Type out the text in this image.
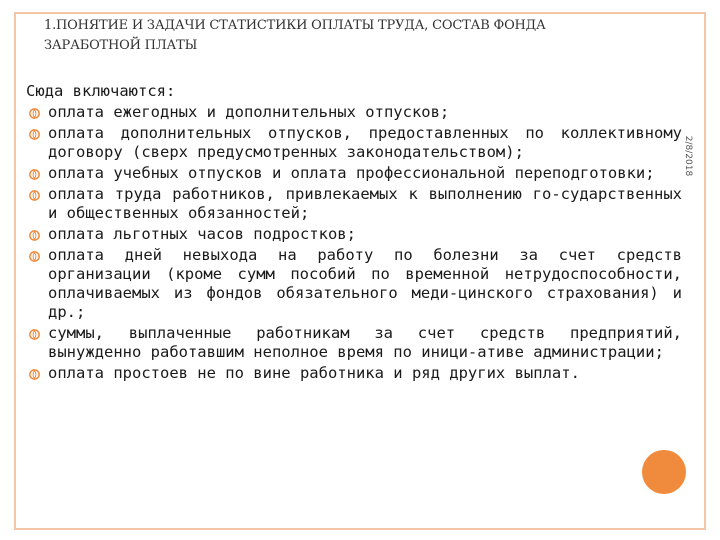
1.ПОНЯТИЕ И ЗАДАЧИ СТАТИСТИКИ ОПЛАТЫ ТРУДА, СОСТАВ ФОНДА ЗАРАБОТНОЙ ПЛАТЫ
2/8/2018

Сюда включаются:

оплата ежегодных и дополнительных отпусков;
оплата дополнительных отпусков, предоставленных по коллективному договору (сверх предусмотренных законодательством);
оплата учебных отпусков и оплата профессиональной переподготовки;
оплата труда работников, привлекаемых к выполнению го-сударственных и общественных обязанностей;
оплата льготных часов подростков;
оплата дней невыхода на работу по болезни за счет средств организации (кроме сумм пособий по временной нетрудоспособности, оплачиваемых из фондов обязательного меди-цинского страхования) и др.;
суммы, выплаченные работникам за счет средств предприятий, вынужденно работавшим неполное время по иници-ативе администрации;
оплата простоев не по вине работника и ряд других выплат.
